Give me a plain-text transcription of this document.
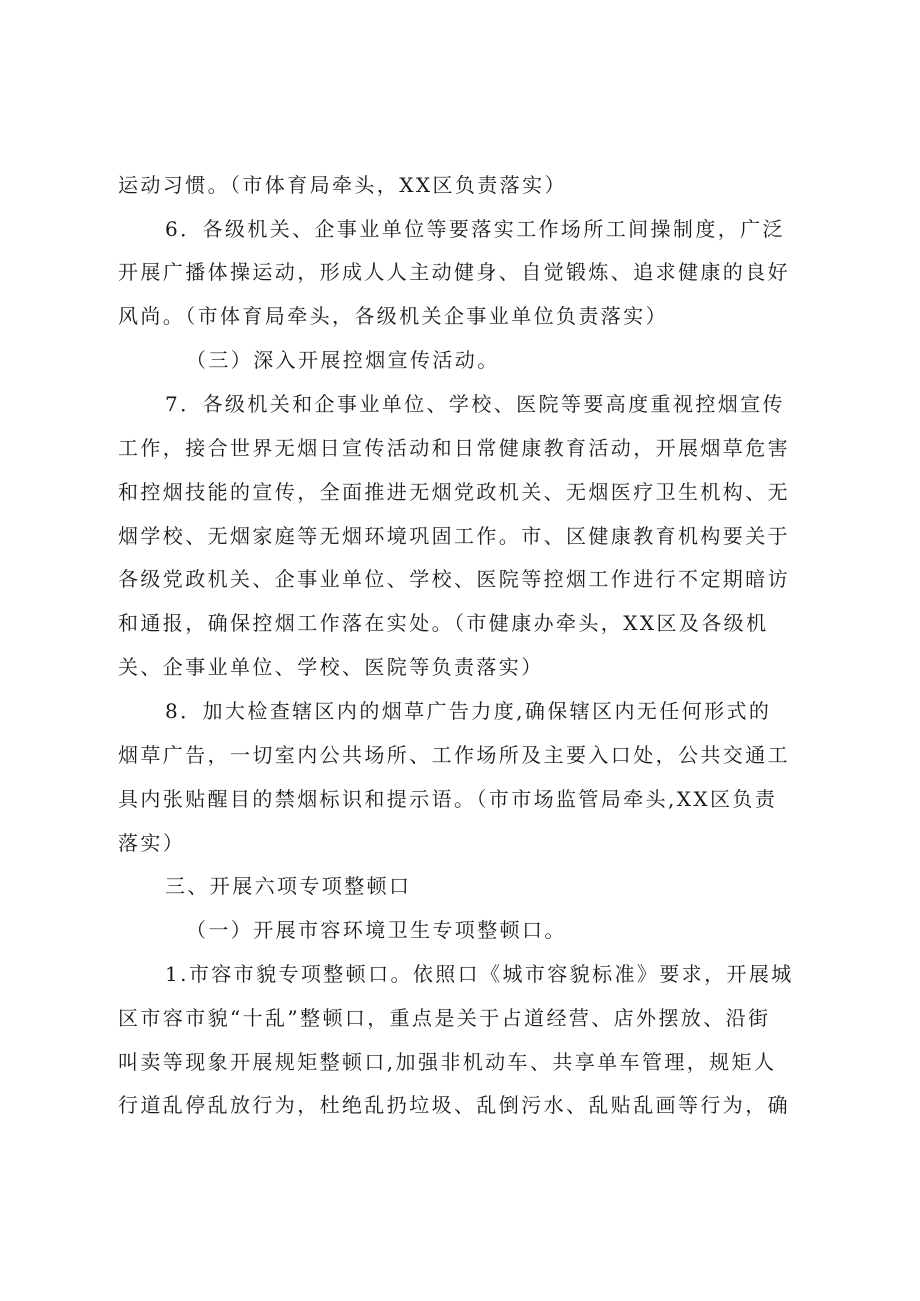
运动习惯。（市体育局牵头，XX区负责落实）
6．各级机关、企事业单位等要落实工作场所工间操制度，广泛
开展广播体操运动，形成人人主动健身、自觉锻炼、追求健康的良好
风尚。（市体育局牵头，各级机关企事业单位负责落实）
（三）深入开展控烟宣传活动。
7．各级机关和企事业单位、学校、医院等要高度重视控烟宣传
工作，接合世界无烟日宣传活动和日常健康教育活动，开展烟草危害
和控烟技能的宣传，全面推进无烟党政机关、无烟医疗卫生机构、无
烟学校、无烟家庭等无烟环境巩固工作。市、区健康教育机构要关于
各级党政机关、企事业单位、学校、医院等控烟工作进行不定期暗访
和通报，确保控烟工作落在实处。（市健康办牵头，XX区及各级机
关、企事业单位、学校、医院等负责落实）
8．加大检查辖区内的烟草广告力度,确保辖区内无任何形式的
烟草广告，一切室内公共场所、工作场所及主要入口处，公共交通工
具内张贴醒目的禁烟标识和提示语。（市市场监管局牵头,XX区负责
落实）
三、开展六项专项整顿口
（一）开展市容环境卫生专项整顿口。
1.市容市貌专项整顿口。依照口《城市容貌标准》要求，开展城
区市容市貌“十乱”整顿口，重点是关于占道经营、店外摆放、沿街
叫卖等现象开展规矩整顿口,加强非机动车、共享单车管理，规矩人
行道乱停乱放行为，杜绝乱扔垃圾、乱倒污水、乱贴乱画等行为，确
